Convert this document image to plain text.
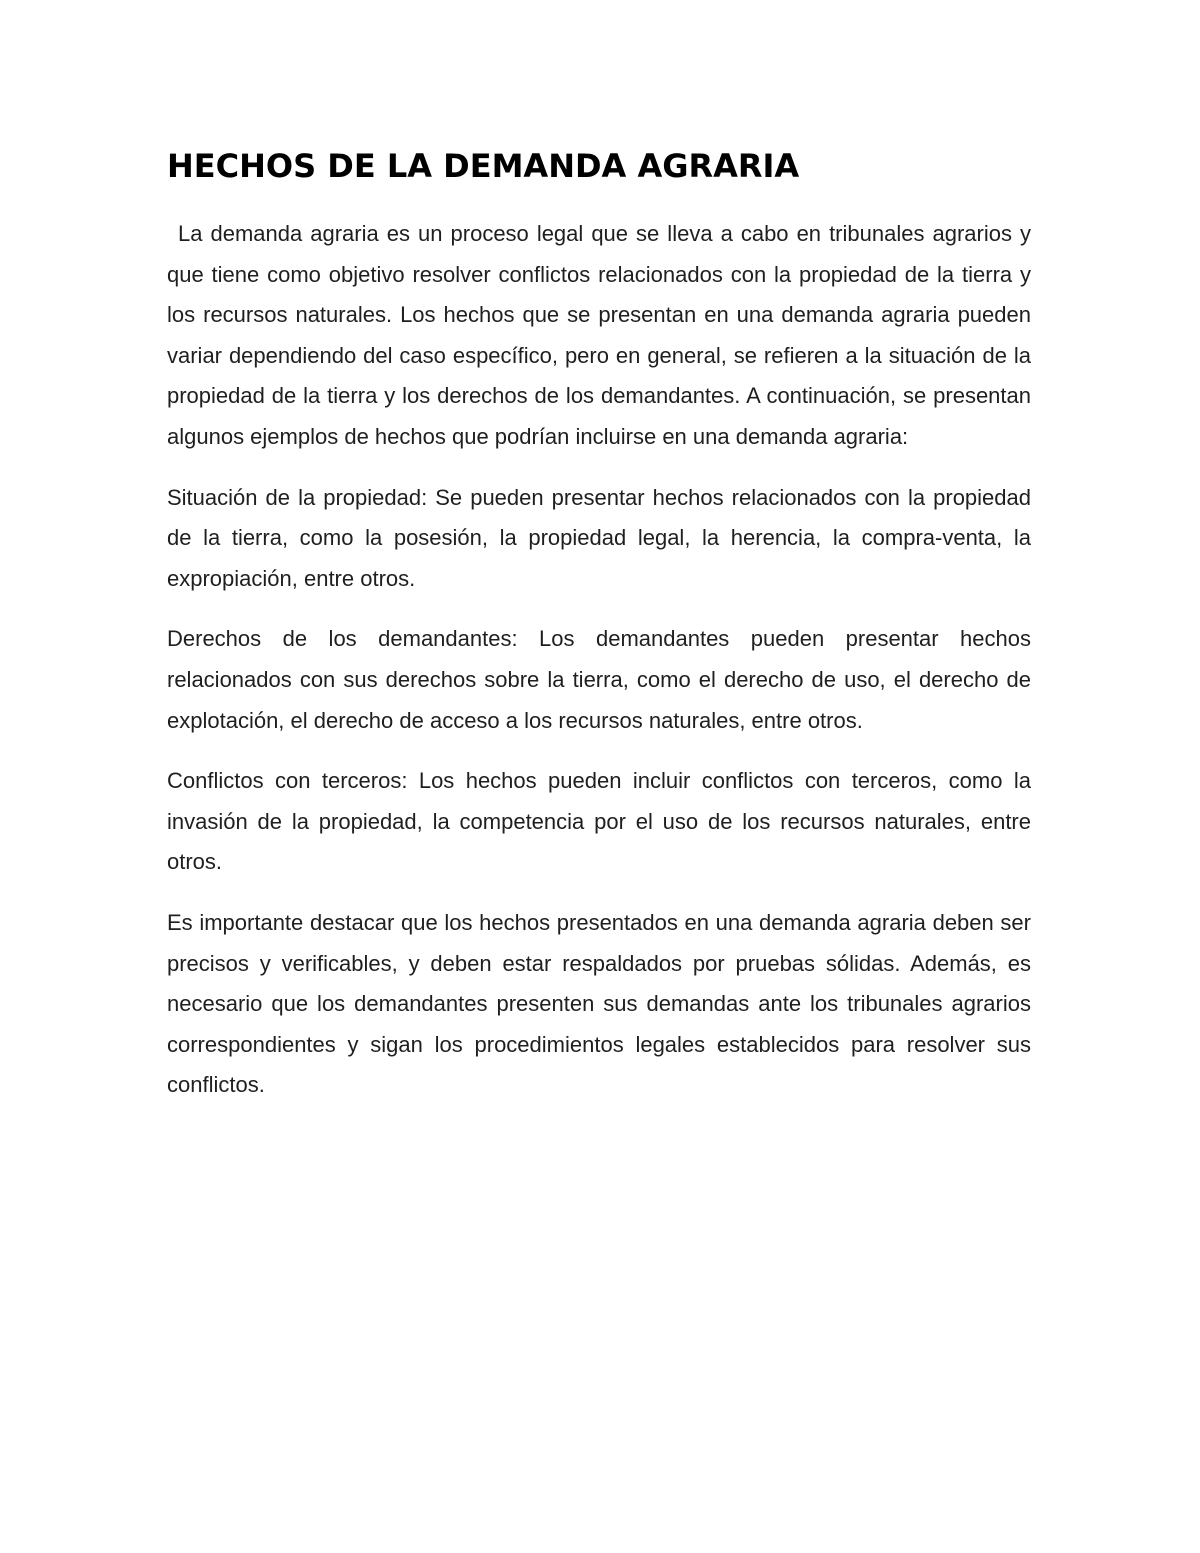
HECHOS DE LA DEMANDA AGRARIA

La demanda agraria es un proceso legal que se lleva a cabo en tribunales agrarios y que tiene como objetivo resolver conflictos relacionados con la propiedad de la tierra y los recursos naturales. Los hechos que se presentan en una demanda agraria pueden variar dependiendo del caso específico, pero en general, se refieren a la situación de la propiedad de la tierra y los derechos de los demandantes. A continuación, se presentan algunos ejemplos de hechos que podrían incluirse en una demanda agraria:

Situación de la propiedad: Se pueden presentar hechos relacionados con la propiedad de la tierra, como la posesión, la propiedad legal, la herencia, la compra-venta, la expropiación, entre otros.

Derechos de los demandantes: Los demandantes pueden presentar hechos relacionados con sus derechos sobre la tierra, como el derecho de uso, el derecho de explotación, el derecho de acceso a los recursos naturales, entre otros.

Conflictos con terceros: Los hechos pueden incluir conflictos con terceros, como la invasión de la propiedad, la competencia por el uso de los recursos naturales, entre otros.

Es importante destacar que los hechos presentados en una demanda agraria deben ser precisos y verificables, y deben estar respaldados por pruebas sólidas. Además, es necesario que los demandantes presenten sus demandas ante los tribunales agrarios correspondientes y sigan los procedimientos legales establecidos para resolver sus conflictos.
